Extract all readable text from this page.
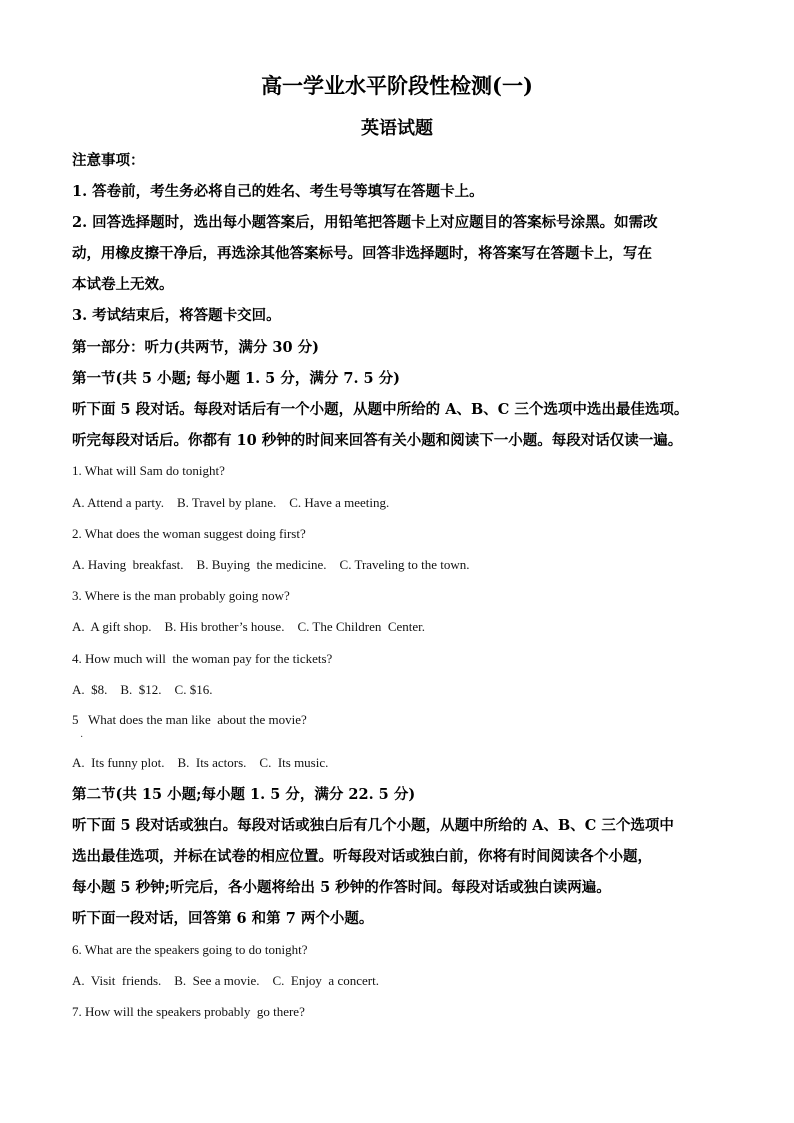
高一学业水平阶段性检测(一)
英语试题
注意事项：
1. 答卷前，考生务必将自己的姓名、考生号等填写在答题卡上。
2. 回答选择题时，选出每小题答案后，用铅笔把答题卡上对应题目的答案标号涂黑。如需改
动，用橡皮擦干净后，再选涂其他答案标号。回答非选择题时，将答案写在答题卡上，写在
本试卷上无效。
3. 考试结束后，将答题卡交回。
第一部分：听力(共两节，满分 30 分)
第一节(共 5 小题; 每小题 1. 5 分，满分 7. 5 分)
听下面 5 段对话。每段对话后有一个小题，从题中所给的 A、B、C 三个选项中选出最佳选项。
听完每段对话后。你都有 10 秒钟的时间来回答有关小题和阅读下一小题。每段对话仅读一遍。
1. What will Sam do tonight?
A. Attend a party.    B. Travel by plane.    C. Have a meeting.
2. What does the woman suggest doing first?
A. Having  breakfast.    B. Buying  the medicine.    C. Traveling to the town.
3. Where is the man probably going now?
A.  A gift shop.    B. His brother’s house.    C. The Children  Center.
4. How much will  the woman pay for the tickets?
A.  $8.    B.  $12.    C. $16.
5   What does the man like  about the movie?
·
A.  Its funny plot.    B.  Its actors.    C.  Its music.
第二节(共 15 小题;每小题 1. 5 分，满分 22. 5 分)
听下面 5 段对话或独白。每段对话或独白后有几个小题，从题中所给的 A、B、C 三个选项中
选出最佳选项，并标在试卷的相应位置。听每段对话或独白前，你将有时间阅读各个小题，
每小题 5 秒钟;听完后，各小题将给出 5 秒钟的作答时间。每段对话或独白读两遍。
听下面一段对话，回答第 6 和第 7 两个小题。
6. What are the speakers going to do tonight?
A.  Visit  friends.    B.  See a movie.    C.  Enjoy  a concert.
7. How will the speakers probably  go there?
